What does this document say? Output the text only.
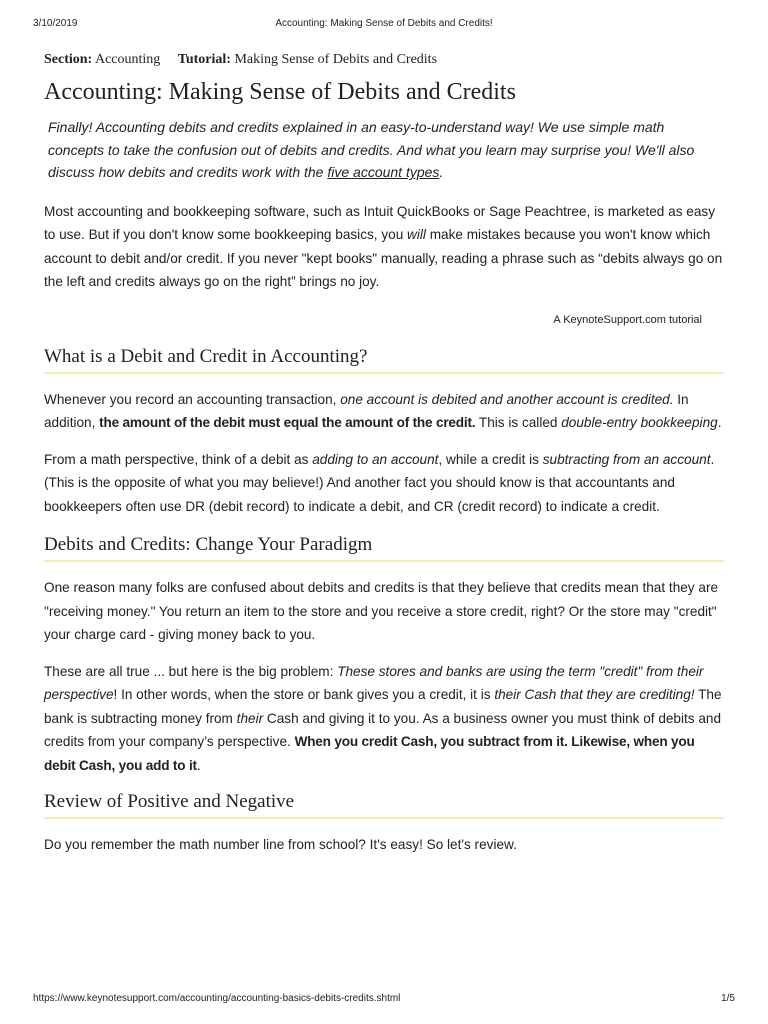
3/10/2019	Accounting: Making Sense of Debits and Credits!
Section: Accounting Tutorial: Making Sense of Debits and Credits
Accounting: Making Sense of Debits and Credits

Finally! Accounting debits and credits explained in an easy-to-understand way! We use simple math concepts to take the confusion out of debits and credits. And what you learn may surprise you! We'll also discuss how debits and credits work with the five account types.

Most accounting and bookkeeping software, such as Intuit QuickBooks or Sage Peachtree, is marketed as easy to use. But if you don't know some bookkeeping basics, you will make mistakes because you won't know which account to debit and/or credit. If you never "kept books" manually, reading a phrase such as “debits always go on the left and credits always go on the right” brings no joy.

A KeynoteSupport.com tutorial
What is a Debit and Credit in Accounting?

Whenever you record an accounting transaction, one account is debited and another account is credited. In addition, the amount of the debit must equal the amount of the credit. This is called double-entry bookkeeping.

From a math perspective, think of a debit as adding to an account, while a credit is subtracting from an account. (This is the opposite of what you may believe!) And another fact you should know is that accountants and bookkeepers often use DR (debit record) to indicate a debit, and CR (credit record) to indicate a credit.

Debits and Credits: Change Your Paradigm

One reason many folks are confused about debits and credits is that they believe that credits mean that they are "receiving money." You return an item to the store and you receive a store credit, right? Or the store may "credit" your charge card - giving money back to you.

These are all true ... but here is the big problem: These stores and banks are using the term "credit" from their perspective! In other words, when the store or bank gives you a credit, it is their Cash that they are crediting! The bank is subtracting money from their Cash and giving it to you. As a business owner you must think of debits and credits from your company’s perspective. When you credit Cash, you subtract from it. Likewise, when you debit Cash, you add to it.

Review of Positive and Negative

Do you remember the math number line from school? It's easy! So let's review.

https://www.keynotesupport.com/accounting/accounting-basics-debits-credits.shtml	1/5
